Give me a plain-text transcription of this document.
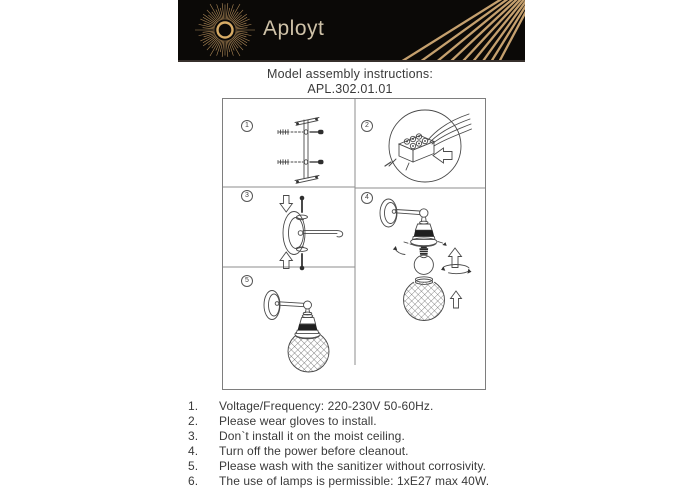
Aployt
Model assembly instructions:
APL.302.01.01
1	2
3	4
5
1.	Voltage/Frequency: 220-230V 50-60Hz.
2.	Please wear gloves to install.
3.	Don`t install it on the moist ceiling.
4.	Turn off the power before cleanout.
5.	Please wash with the sanitizer without corrosivity.
6.	The use of lamps is permissible: 1xE27 max 40W.
